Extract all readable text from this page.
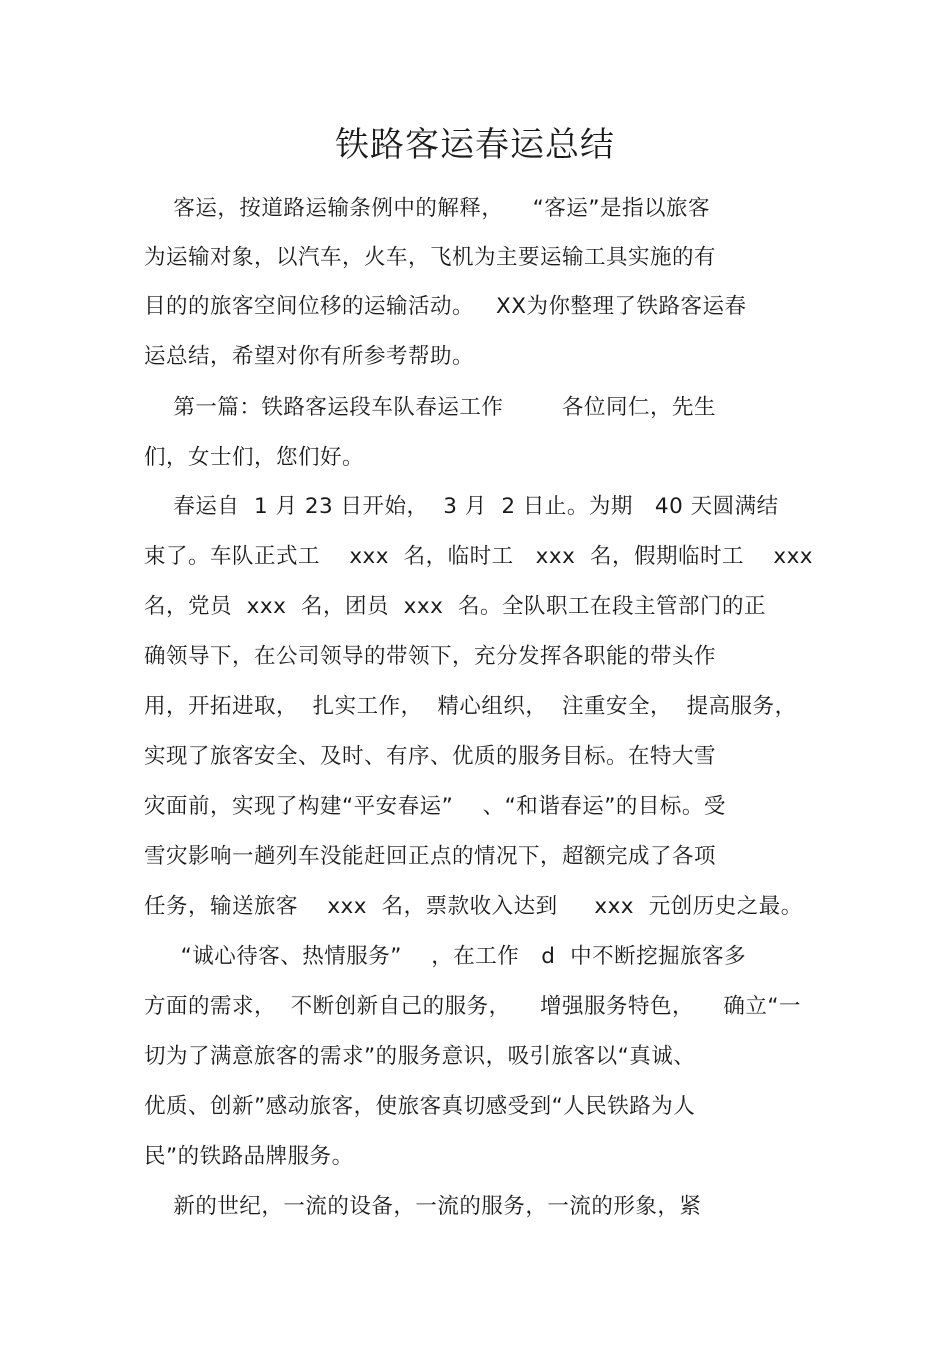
铁路客运春运总结
客运，按道路运输条例中的解释，    “客运”是指以旅客
为运输对象，以汽车，火车，飞机为主要运输工具实施的有
目的的旅客空间位移的运输活动。   XX为你整理了铁路客运春
运总结，希望对你有所参考帮助。
第一篇：铁路客运段车队春运工作        各位同仁，先生
们，女士们，您们好。
春运自  1 月 23 日开始，  3 月  2 日止。为期   40 天圆满结
束了。车队正式工    xxx  名，临时工   xxx  名，假期临时工    xxx
名，党员  xxx  名，团员  xxx  名。全队职工在段主管部门的正
确领导下，在公司领导的带领下，充分发挥各职能的带头作
用，开拓进取，  扎实工作，  精心组织，  注重安全，  提高服务，
实现了旅客安全、及时、有序、优质的服务目标。在特大雪
灾面前，实现了构建“平安春运”    、“和谐春运”的目标。受
雪灾影响一趟列车没能赶回正点的情况下，超额完成了各项
任务，输送旅客    xxx  名，票款收入达到     xxx  元创历史之最。
“诚心待客、热情服务”    ，在工作   d  中不断挖掘旅客多
方面的需求，  不断创新自己的服务，    增强服务特色，    确立“一
切为了满意旅客的需求”的服务意识，吸引旅客以“真诚、
优质、创新”感动旅客，使旅客真切感受到“人民铁路为人
民”的铁路品牌服务。
新的世纪，一流的设备，一流的服务，一流的形象，紧
